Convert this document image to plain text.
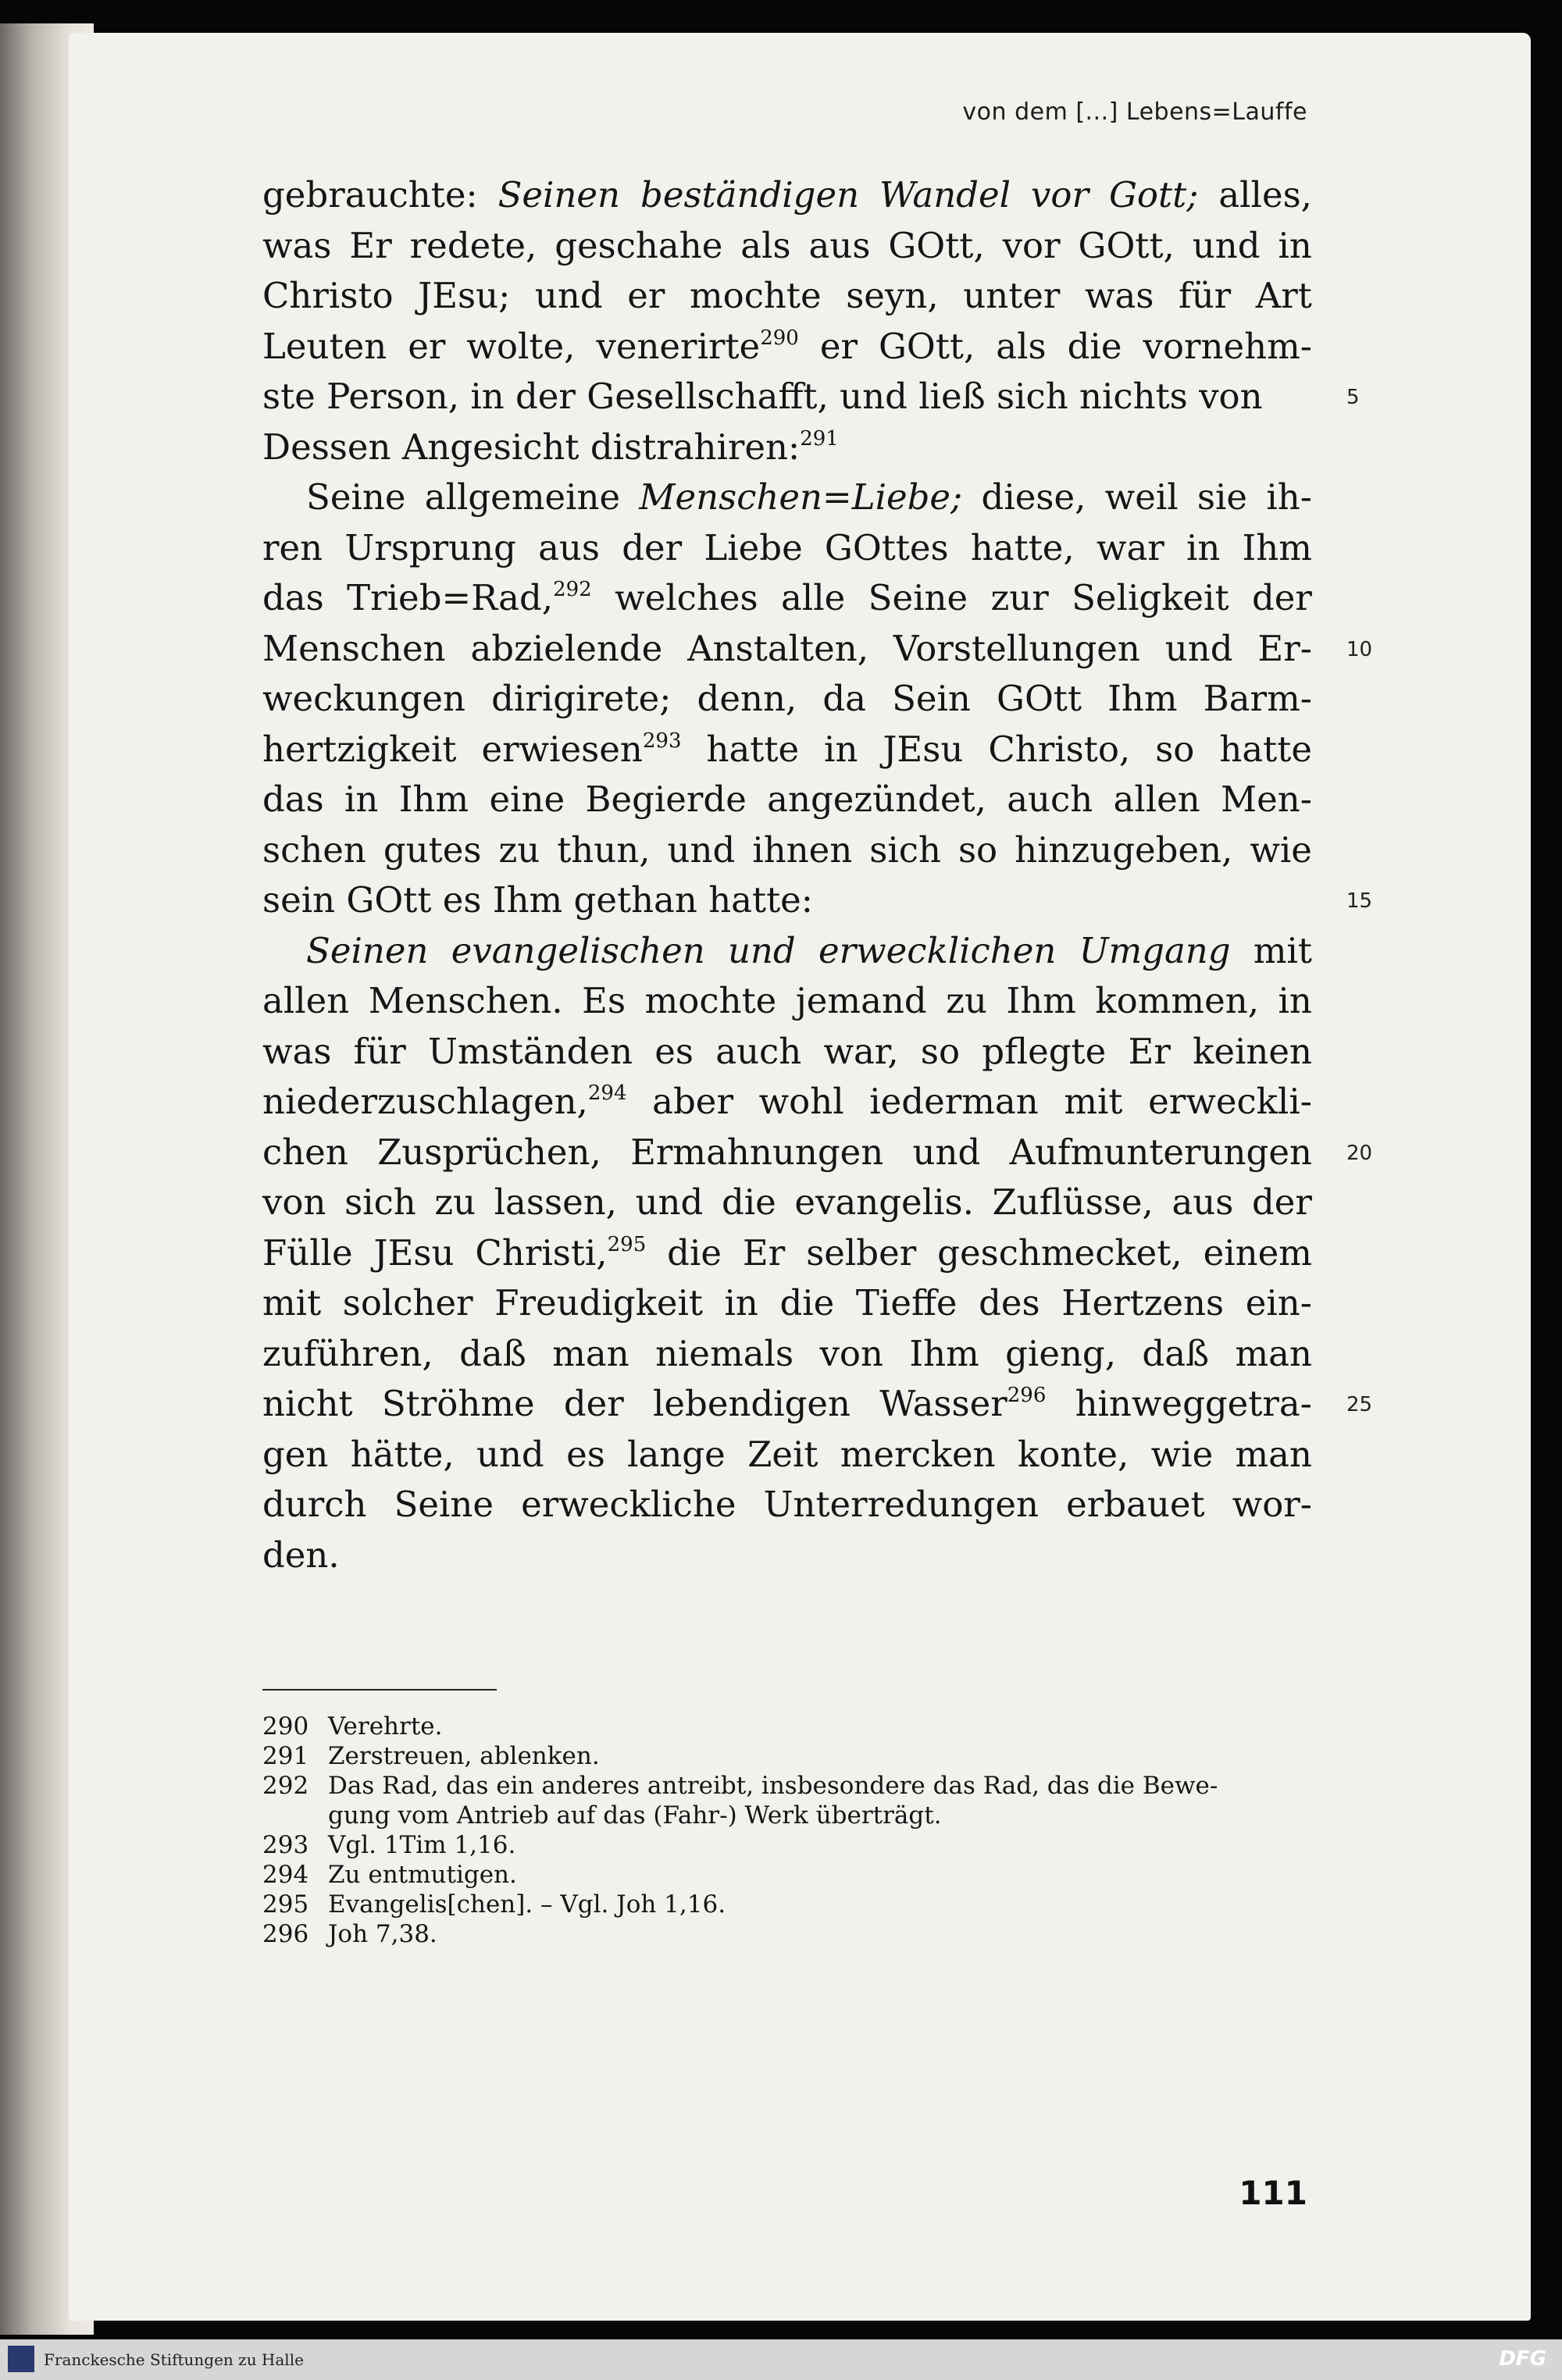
von dem [...] Lebens=Lauffe
gebrauchte: Seinen beständigen Wandel vor Gott; alles,
was Er redete, geschahe als aus GOtt, vor GOtt, und in
Christo JEsu; und er mochte seyn, unter was für Art
Leuten er wolte, venerirte$^{290}$ er GOtt, als die vornehm-
ste Person, in der Gesellschafft, und ließ sich nichts von
Dessen Angesicht distrahiren:$^{291}$
Seine allgemeine Menschen=Liebe; diese, weil sie ih-
ren Ursprung aus der Liebe GOttes hatte, war in Ihm
das Trieb=Rad,$^{292}$ welches alle Seine zur Seligkeit der
Menschen abzielende Anstalten, Vorstellungen und Er-
weckungen dirigirete; denn, da Sein GOtt Ihm Barm-
hertzigkeit erwiesen$^{293}$ hatte in JEsu Christo, so hatte
das in Ihm eine Begierde angezündet, auch allen Men-
schen gutes zu thun, und ihnen sich so hinzugeben, wie
sein GOtt es Ihm gethan hatte:
Seinen evangelischen und erwecklichen Umgang mit
allen Menschen. Es mochte jemand zu Ihm kommen, in
was für Umständen es auch war, so pflegte Er keinen
niederzuschlagen,$^{294}$ aber wohl iederman mit erweckli-
chen Zusprüchen, Ermahnungen und Aufmunterungen
von sich zu lassen, und die evangelis. Zuflüsse, aus der
Fülle JEsu Christi,$^{295}$ die Er selber geschmecket, einem
mit solcher Freudigkeit in die Tieffe des Hertzens ein-
zuführen, daß man niemals von Ihm gieng, daß man
nicht Ströhme der lebendigen Wasser$^{296}$ hinweggetra-
gen hätte, und es lange Zeit mercken konte, wie man
durch Seine erweckliche Unterredungen erbauet wor-
den.
5
10
15
20
25
290 Verehrte.
291 Zerstreuen, ablenken.
292 Das Rad, das ein anderes antreibt, insbesondere das Rad, das die Bewe-
gung vom Antrieb auf das (Fahr-) Werk überträgt.
293 Vgl. 1Tim 1,16.
294 Zu entmutigen.
295 Evangelis[chen]. – Vgl. Joh 1,16.
296 Joh 7,38.
111
Franckesche Stiftungen zu Halle	DFG
